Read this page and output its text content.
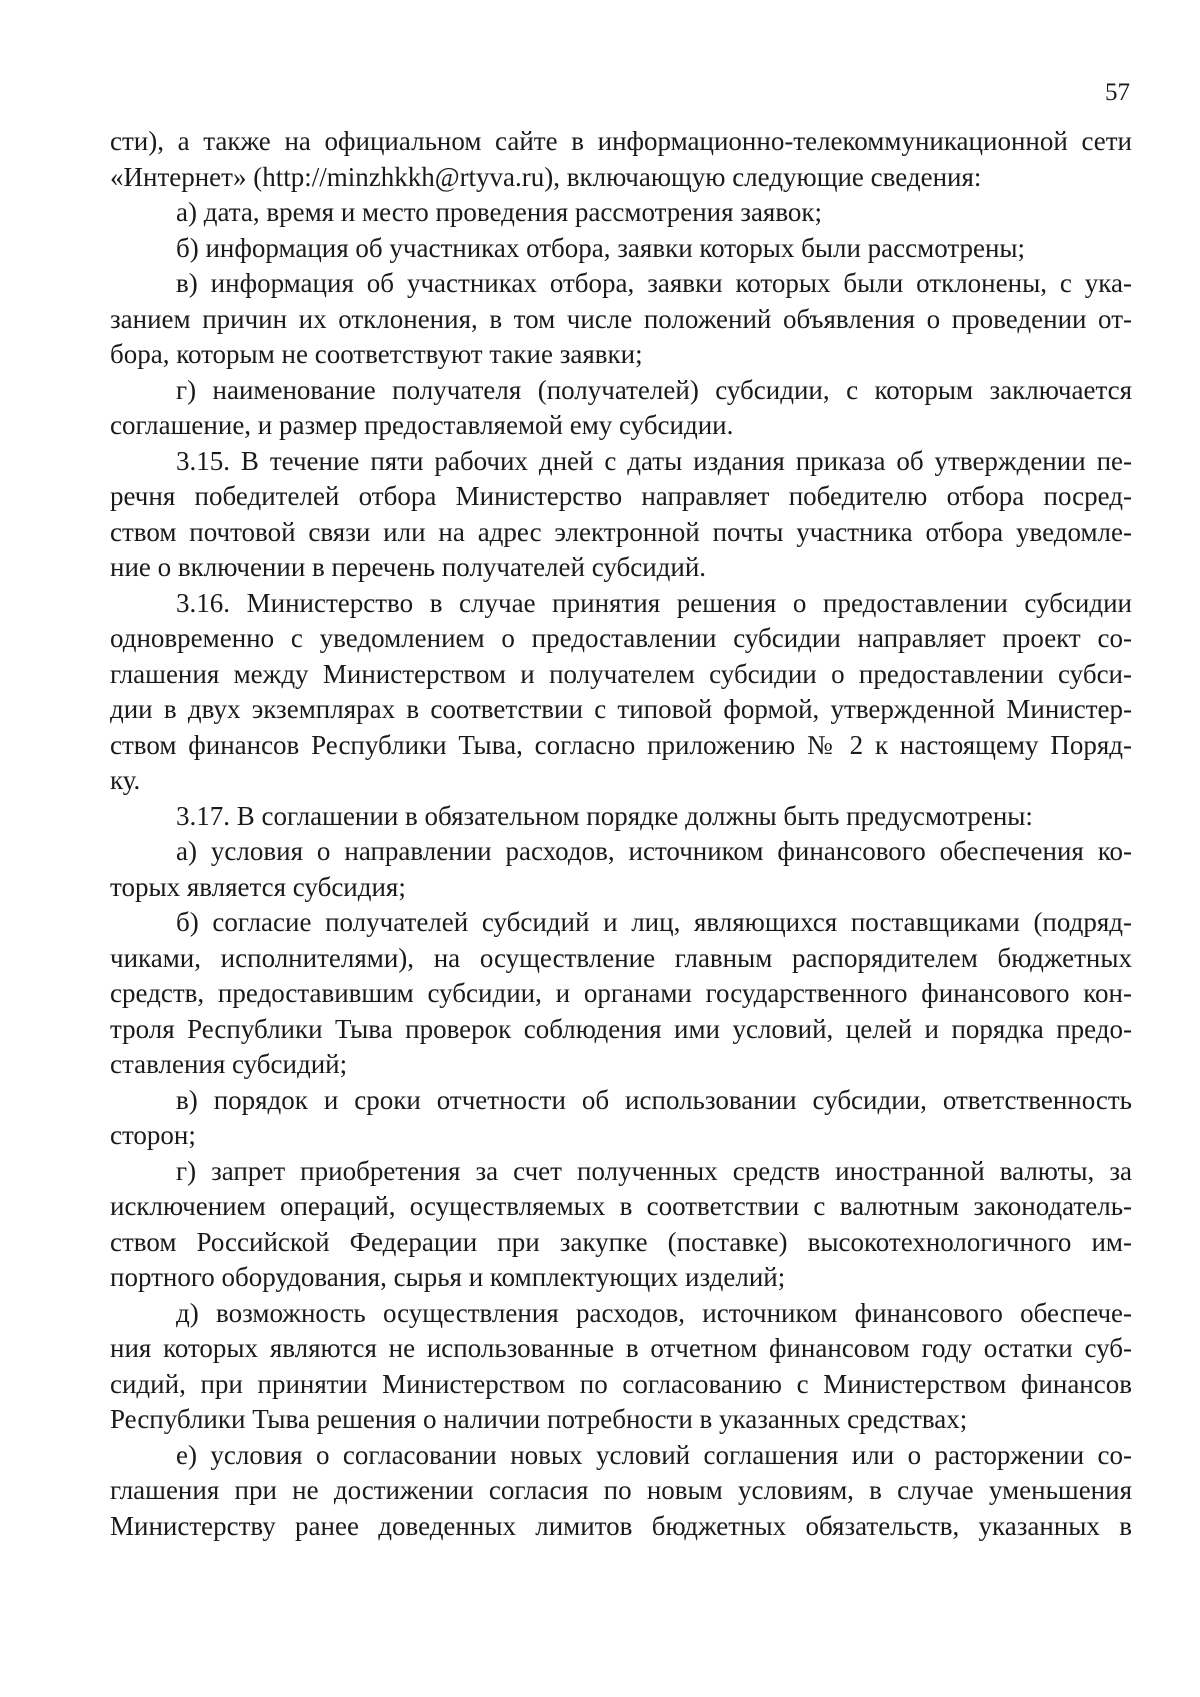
57
сти), а также на официальном сайте в информационно-телекоммуникационной сети
«Интернет» (http://minzhkkh@rtyva.ru), включающую следующие сведения:
а) дата, время и место проведения рассмотрения заявок;
б) информация об участниках отбора, заявки которых были рассмотрены;
в) информация об участниках отбора, заявки которых были отклонены, с ука-
занием причин их отклонения, в том числе положений объявления о проведении от-
бора, которым не соответствуют такие заявки;
г) наименование получателя (получателей) субсидии, с которым заключается
соглашение, и размер предоставляемой ему субсидии.
3.15. В течение пяти рабочих дней с даты издания приказа об утверждении пе-
речня победителей отбора Министерство направляет победителю отбора посред-
ством почтовой связи или на адрес электронной почты участника отбора уведомле-
ние о включении в перечень получателей субсидий.
3.16. Министерство в случае принятия решения о предоставлении субсидии
одновременно с уведомлением о предоставлении субсидии направляет проект со-
глашения между Министерством и получателем субсидии о предоставлении субси-
дии в двух экземплярах в соответствии с типовой формой, утвержденной Министер-
ством финансов Республики Тыва, согласно приложению № 2 к настоящему Поряд-
ку.
3.17. В соглашении в обязательном порядке должны быть предусмотрены:
а) условия о направлении расходов, источником финансового обеспечения ко-
торых является субсидия;
б) согласие получателей субсидий и лиц, являющихся поставщиками (подряд-
чиками, исполнителями), на осуществление главным распорядителем бюджетных
средств, предоставившим субсидии, и органами государственного финансового кон-
троля Республики Тыва проверок соблюдения ими условий, целей и порядка предо-
ставления субсидий;
в) порядок и сроки отчетности об использовании субсидии, ответственность
сторон;
г) запрет приобретения за счет полученных средств иностранной валюты, за
исключением операций, осуществляемых в соответствии с валютным законодатель-
ством Российской Федерации при закупке (поставке) высокотехнологичного им-
портного оборудования, сырья и комплектующих изделий;
д) возможность осуществления расходов, источником финансового обеспече-
ния которых являются не использованные в отчетном финансовом году остатки суб-
сидий, при принятии Министерством по согласованию с Министерством финансов
Республики Тыва решения о наличии потребности в указанных средствах;
е) условия о согласовании новых условий соглашения или о расторжении со-
глашения при не достижении согласия по новым условиям, в случае уменьшения
Министерству ранее доведенных лимитов бюджетных обязательств, указанных в
